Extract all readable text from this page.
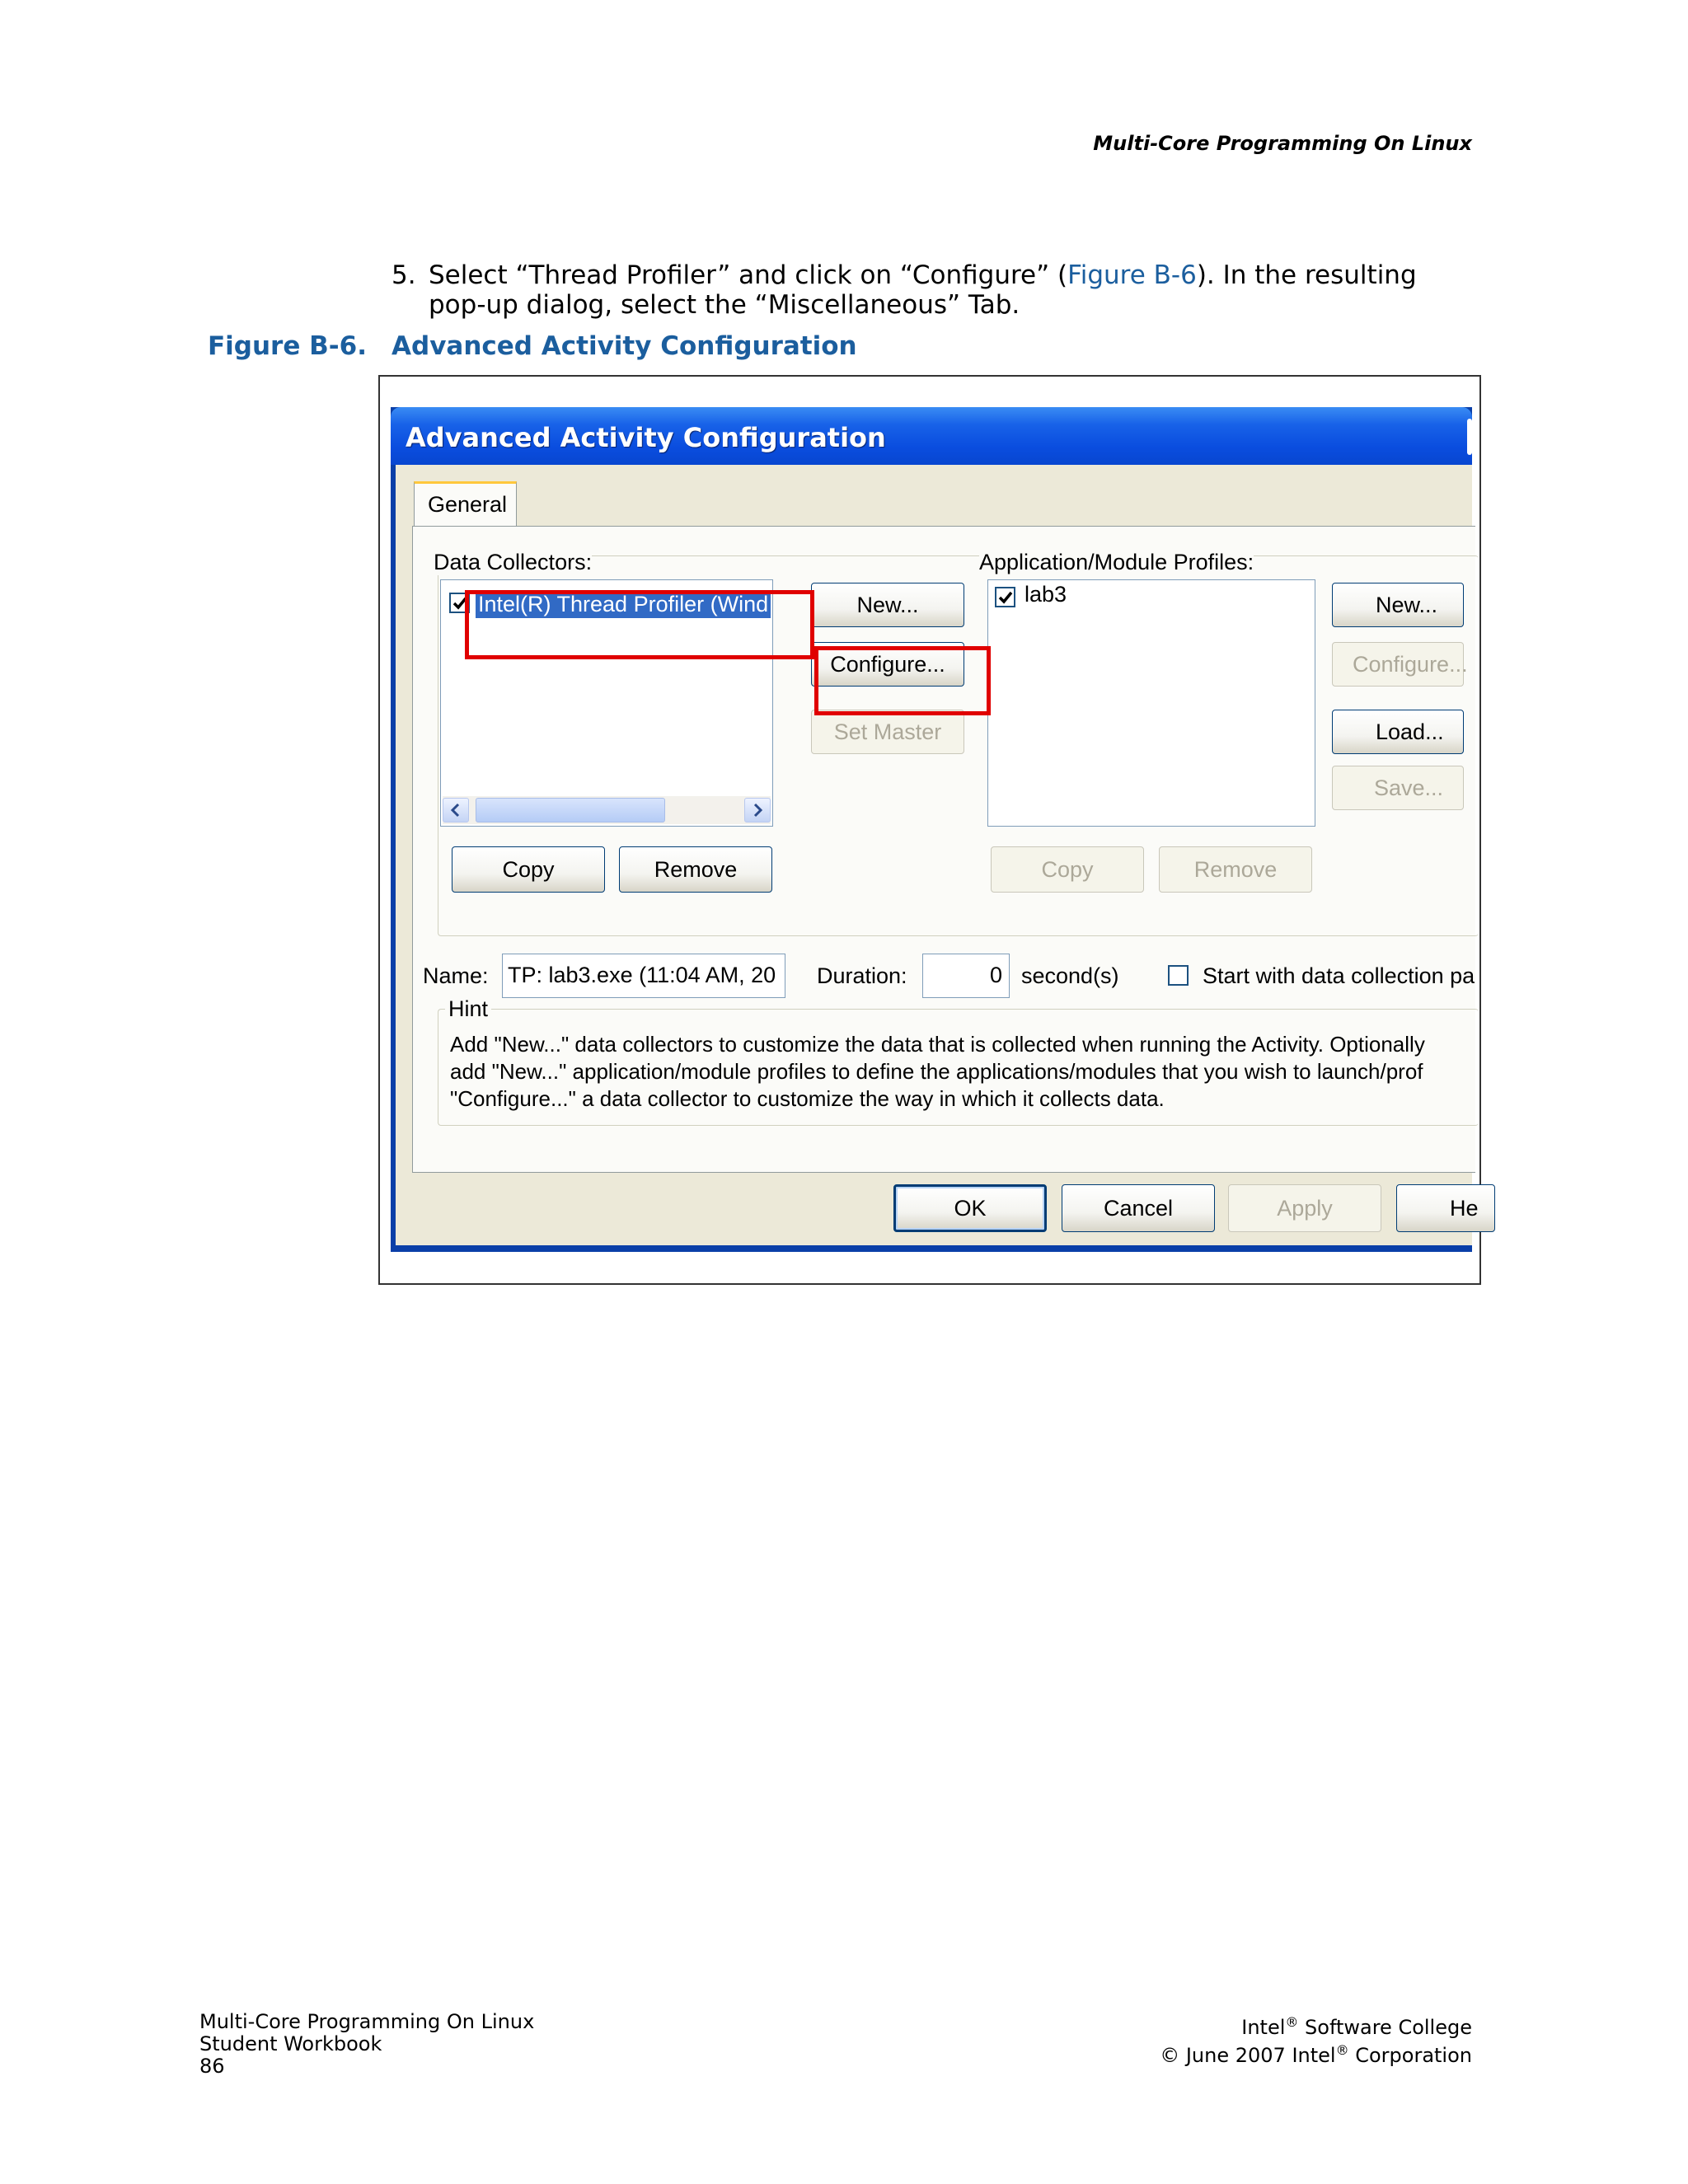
Multi-Core Programming On Linux
5. Select “Thread Profiler” and click on “Configure” (Figure B-6). In the resulting pop-up dialog, select the “Miscellaneous” Tab.
Figure B-6. Advanced Activity Configuration
Advanced Activity Configuration
General
Data Collectors:	Application/Module Profiles:
Intel(R) Thread Profiler (Wind	New...
Configure...
Set Master
Copy	Remove
lab3	New...
Configure...
Load...
Save...
Copy	Remove
Name: TP: lab3.exe (11:04 AM, 20	Duration:	0 second(s)	Start with data collection pa
Hint
Add "New..." data collectors to customize the data that is collected when running the Activity. Optionally
add "New..." application/module profiles to define the applications/modules that you wish to launch/prof
"Configure..." a data collector to customize the way in which it collects data.
OK	Cancel	Apply	He
Multi-Core Programming On Linux
Student Workbook
86
Intel® Software College
© June 2007 Intel® Corporation
